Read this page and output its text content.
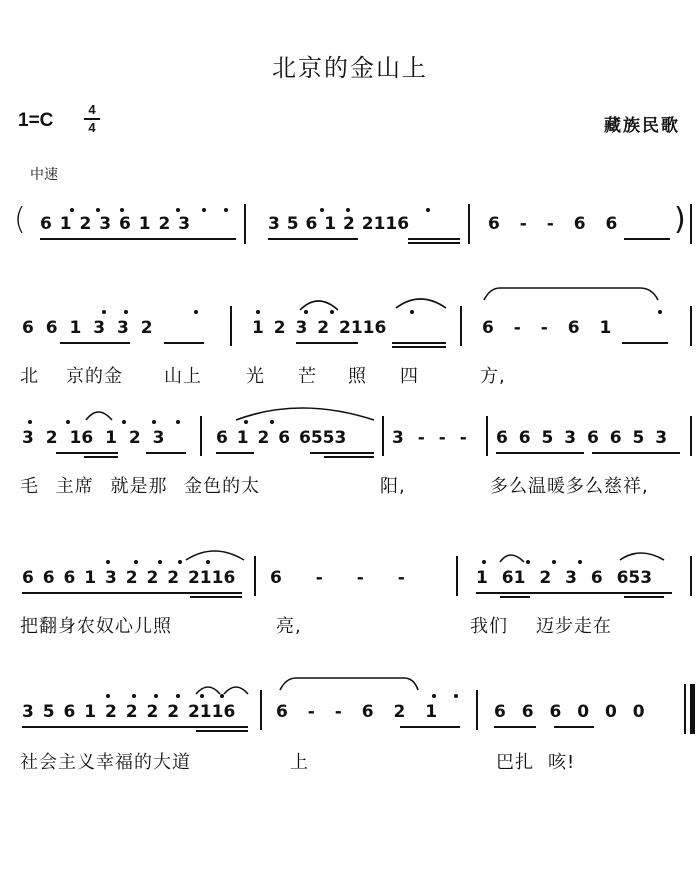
北京的金山上
$1=C \frac{4}{4}$	藏族民歌
中速
( 6 1 2 3 6 1 2 3	3 5 6 1 2 2116	6 - - 6 6 )
6 6 1 3 3 2	1 2 3 2 2116	6 - - 6 1
北 京的金 山上 光 芒 照 四	方,
3 2 16 1 2 3	6 1 2 6 6553	3 - - - 6 6 5 3 6 6 5 3
毛 主席 就是那 金色的太	阳,	多么温暖多么慈祥,
6 6 6 1 3 2 2 2 2116 6 - - -	1 61 2 3 6 653
把翻身农奴心儿照	亮,	我们 迈步走在
3 5 6 1 2 2 2 2 2116 6 - - 6 2 1	6 6 6 0 0 0
社会主义幸福的大道	上	巴扎 咳!
